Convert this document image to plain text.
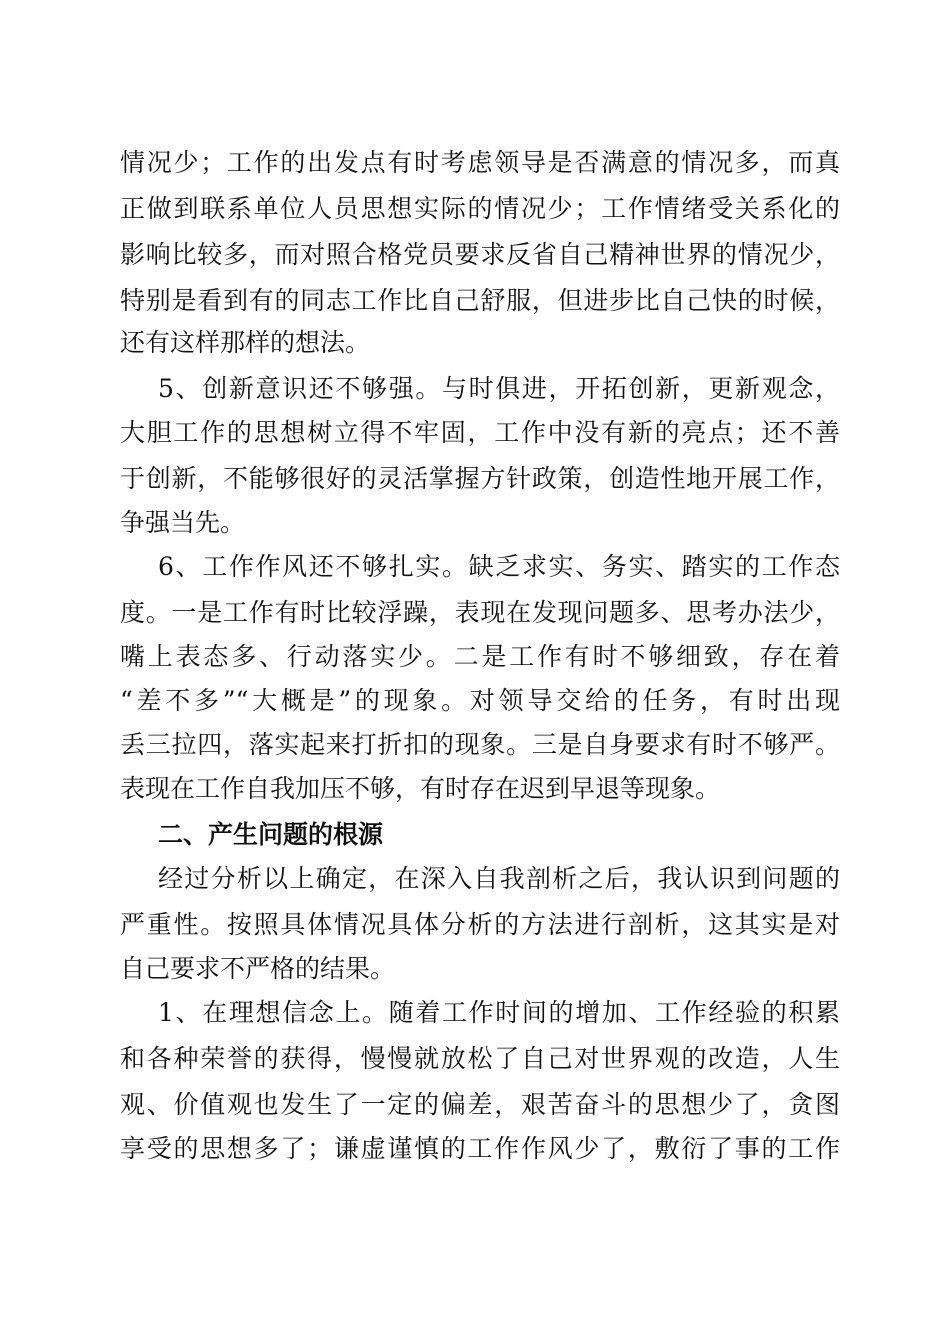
情况少；工作的出发点有时考虑领导是否满意的情况多，而真
正做到联系单位人员思想实际的情况少；工作情绪受关系化的
影响比较多，而对照合格党员要求反省自己精神世界的情况少，
特别是看到有的同志工作比自己舒服，但进步比自己快的时候，
还有这样那样的想法。
5、创新意识还不够强。与时俱进，开拓创新，更新观念，
大胆工作的思想树立得不牢固，工作中没有新的亮点；还不善
于创新，不能够很好的灵活掌握方针政策，创造性地开展工作，
争强当先。
6、工作作风还不够扎实。缺乏求实、务实、踏实的工作态
度。一是工作有时比较浮躁，表现在发现问题多、思考办法少，
嘴上表态多、行动落实少。二是工作有时不够细致，存在着
“差不多”“大概是”的现象。对领导交给的任务，有时出现
丢三拉四，落实起来打折扣的现象。三是自身要求有时不够严。
表现在工作自我加压不够，有时存在迟到早退等现象。
二、产生问题的根源
经过分析以上确定，在深入自我剖析之后，我认识到问题的
严重性。按照具体情况具体分析的方法进行剖析，这其实是对
自己要求不严格的结果。
1、在理想信念上。随着工作时间的增加、工作经验的积累
和各种荣誉的获得，慢慢就放松了自己对世界观的改造，人生
观、价值观也发生了一定的偏差，艰苦奋斗的思想少了，贪图
享受的思想多了；谦虚谨慎的工作作风少了，敷衍了事的工作
